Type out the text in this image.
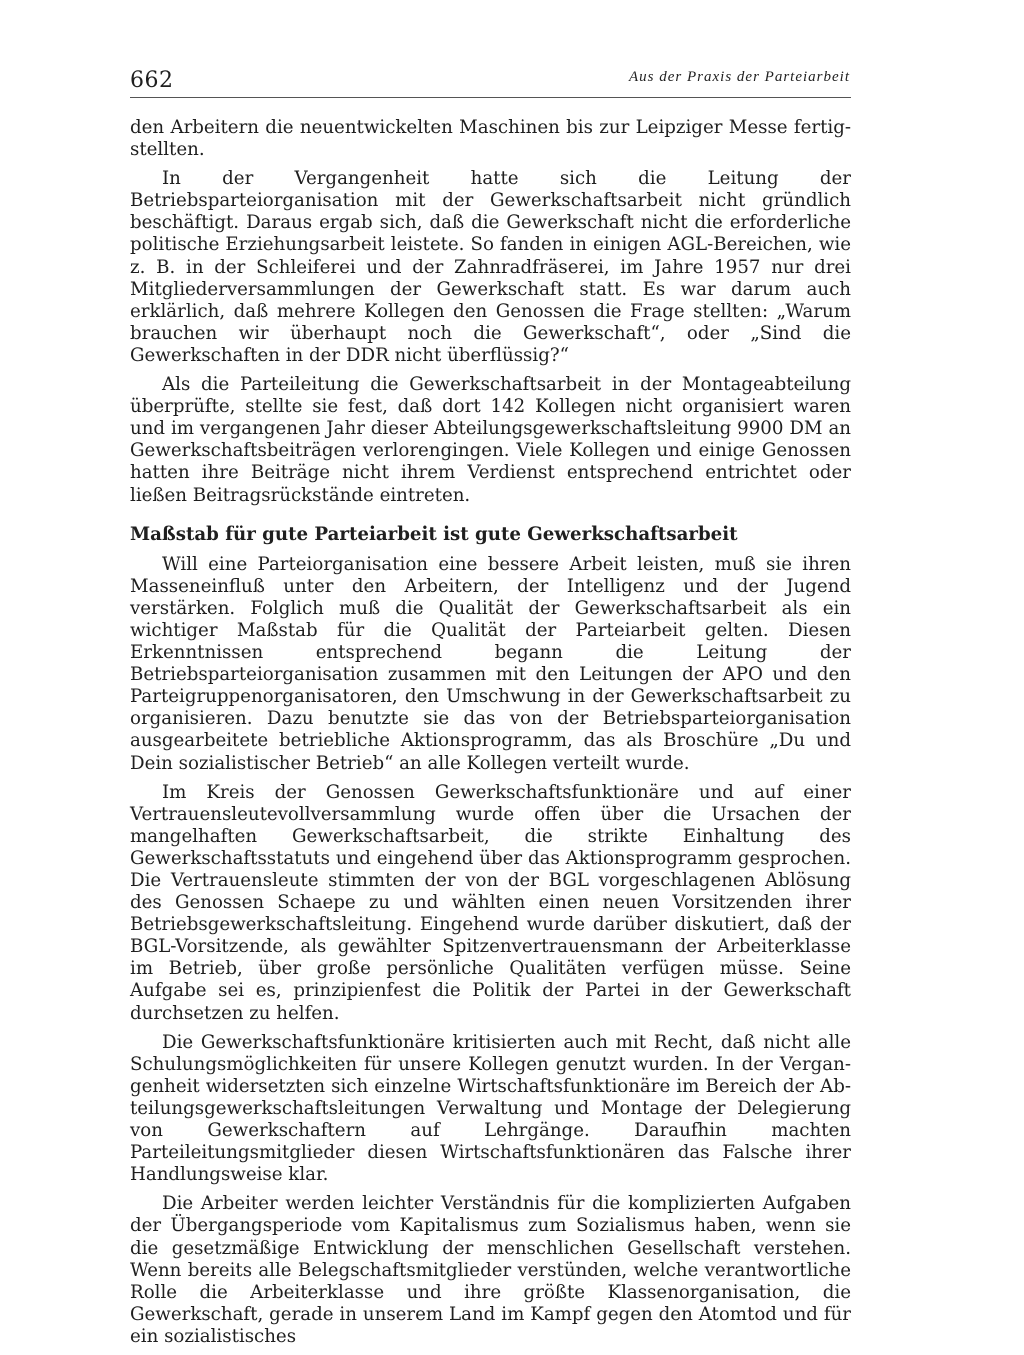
662	Aus der Praxis der Parteiarbeit

den Arbeitern die neuentwickelten Maschinen bis zur Leipziger Messe fertigstellten.

In der Vergangenheit hatte sich die Leitung der Betriebsparteiorganisation mit der Gewerkschaftsarbeit nicht gründlich beschäftigt. Daraus ergab sich, daß die Gewerkschaft nicht die erforderliche politische Erziehungsarbeit leistete. So fanden in einigen AGL-Bereichen, wie z. B. in der Schleiferei und der Zahnradfräserei, im Jahre 1957 nur drei Mitgliederversammlungen der Gewerkschaft statt. Es war darum auch erklärlich, daß mehrere Kollegen den Genossen die Frage stellten: „Warum brauchen wir überhaupt noch die Gewerkschaft“, oder „Sind die Gewerkschaften in der DDR nicht überflüssig?“

Als die Parteileitung die Gewerkschaftsarbeit in der Montageabteilung überprüfte, stellte sie fest, daß dort 142 Kollegen nicht organisiert waren und im vergangenen Jahr dieser Abteilungsgewerkschaftsleitung 9900 DM an Gewerkschaftsbeiträgen verlorengingen. Viele Kollegen und einige Genossen hatten ihre Beiträge nicht ihrem Verdienst entsprechend entrichtet oder ließen Beitragsrückstände eintreten.

Maßstab für gute Parteiarbeit ist gute Gewerkschaftsarbeit

Will eine Parteiorganisation eine bessere Arbeit leisten, muß sie ihren Masseneinfluß unter den Arbeitern, der Intelligenz und der Jugend verstärken. Folglich muß die Qualität der Gewerkschaftsarbeit als ein wichtiger Maßstab für die Qualität der Parteiarbeit gelten. Diesen Erkenntnissen entsprechend begann die Leitung der Betriebsparteiorganisation zusammen mit den Leitungen der APO und den Parteigruppenorganisatoren, den Umschwung in der Gewerkschaftsarbeit zu organisieren. Dazu benutzte sie das von der Betriebsparteiorganisation ausgearbeitete betriebliche Aktionsprogramm, das als Broschüre „Du und Dein sozialistischer Betrieb“ an alle Kollegen verteilt wurde.

Im Kreis der Genossen Gewerkschaftsfunktionäre und auf einer Vertrauensleutevollversammlung wurde offen über die Ursachen der mangelhaften Gewerkschaftsarbeit, die strikte Einhaltung des Gewerkschaftsstatuts und eingehend über das Aktionsprogramm gesprochen. Die Vertrauensleute stimmten der von der BGL vorgeschlagenen Ablösung des Genossen Schaepe zu und wählten einen neuen Vorsitzenden ihrer Betriebsgewerkschaftsleitung. Eingehend wurde darüber diskutiert, daß der BGL-Vorsitzende, als gewählter Spitzenvertrauensmann der Arbeiterklasse im Betrieb, über große persönliche Qualitäten verfügen müsse. Seine Aufgabe sei es, prinzipienfest die Politik der Partei in der Gewerkschaft durchsetzen zu helfen.

Die Gewerkschaftsfunktionäre kritisierten auch mit Recht, daß nicht alle Schulungsmöglichkeiten für unsere Kollegen genutzt wurden. In der Vergangenheit widersetzten sich einzelne Wirtschaftsfunktionäre im Bereich der Abteilungsgewerkschaftsleitungen Verwaltung und Montage der Delegierung von Gewerkschaftern auf Lehrgänge. Daraufhin machten Parteileitungsmitglieder diesen Wirtschaftsfunktionären das Falsche ihrer Handlungsweise klar.

Die Arbeiter werden leichter Verständnis für die komplizierten Aufgaben der Übergangsperiode vom Kapitalismus zum Sozialismus haben, wenn sie die gesetzmäßige Entwicklung der menschlichen Gesellschaft verstehen. Wenn bereits alle Belegschaftsmitglieder verstünden, welche verantwortliche Rolle die Arbeiterklasse und ihre größte Klassenorganisation, die Gewerkschaft, gerade in unserem Land im Kampf gegen den Atomtod und für ein sozialistisches
